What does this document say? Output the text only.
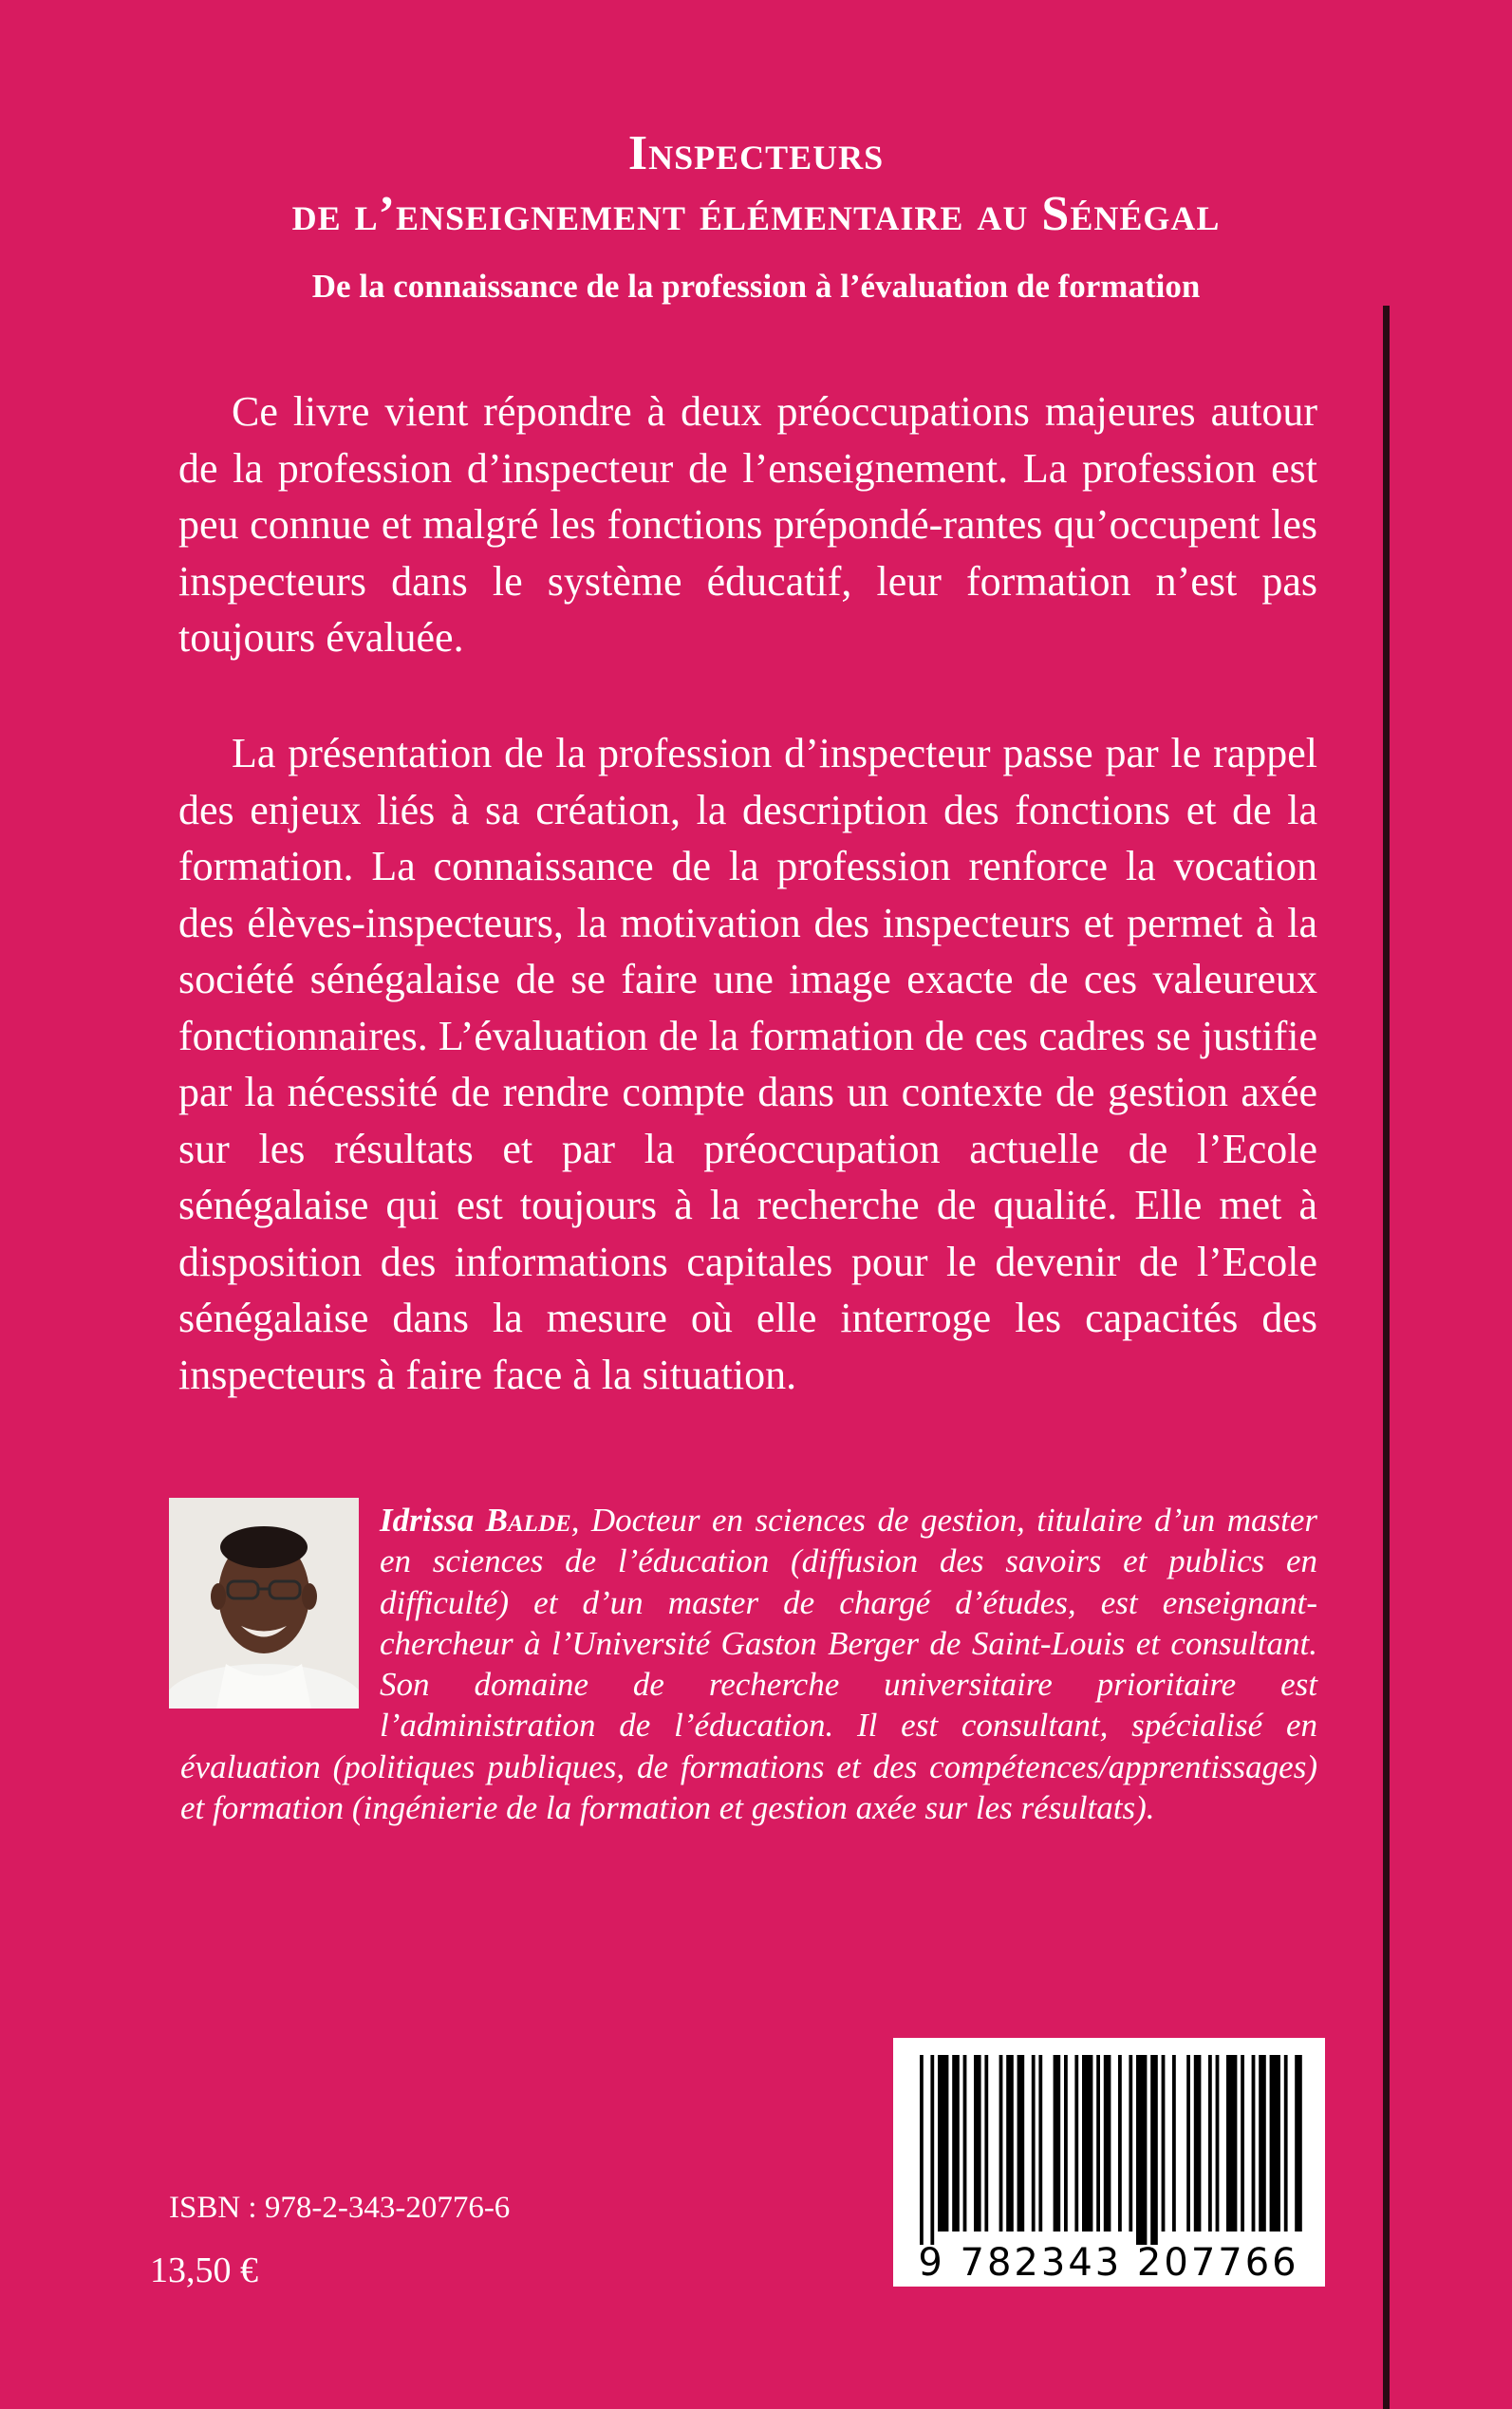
Inspecteurs
de l’enseignement élémentaire au Sénégal
De la connaissance de la profession à l’évaluation de formation

Ce livre vient répondre à deux préoccupations majeures autour de la profession d’inspecteur de l’enseignement. La profession est peu connue et malgré les fonctions prépondé-rantes qu’occupent les inspecteurs dans le système éducatif, leur formation n’est pas toujours évaluée.

La présentation de la profession d’inspecteur passe par le rappel des enjeux liés à sa création, la description des fonctions et de la formation. La connaissance de la profession renforce la vocation des élèves-inspecteurs, la motivation des inspecteurs et permet à la société sénégalaise de se faire une image exacte de ces valeureux fonctionnaires. L’évaluation de la formation de ces cadres se justifie par la nécessité de rendre compte dans un contexte de gestion axée sur les résultats et par la préoccupation actuelle de l’Ecole sénégalaise qui est toujours à la recherche de qualité. Elle met à disposition des informations capitales pour le devenir de l’Ecole sénégalaise dans la mesure où elle interroge les capacités des inspecteurs à faire face à la situation.

Idrissa Balde, Docteur en sciences de gestion, titulaire d’un master en sciences de l’éducation (diffusion des savoirs et publics en difficulté) et d’un master de chargé d’études, est enseignant-chercheur à l’Université Gaston Berger de Saint-Louis et consultant. Son domaine de recherche universitaire prioritaire est l’administration de l’éducation. Il est consultant, spécialisé en évaluation (politiques publiques, de formations et des compétences/apprentissages) et formation (ingénierie de la formation et gestion axée sur les résultats).
9 782343 207766
ISBN : 978-2-343-20776-6
13,50 €
